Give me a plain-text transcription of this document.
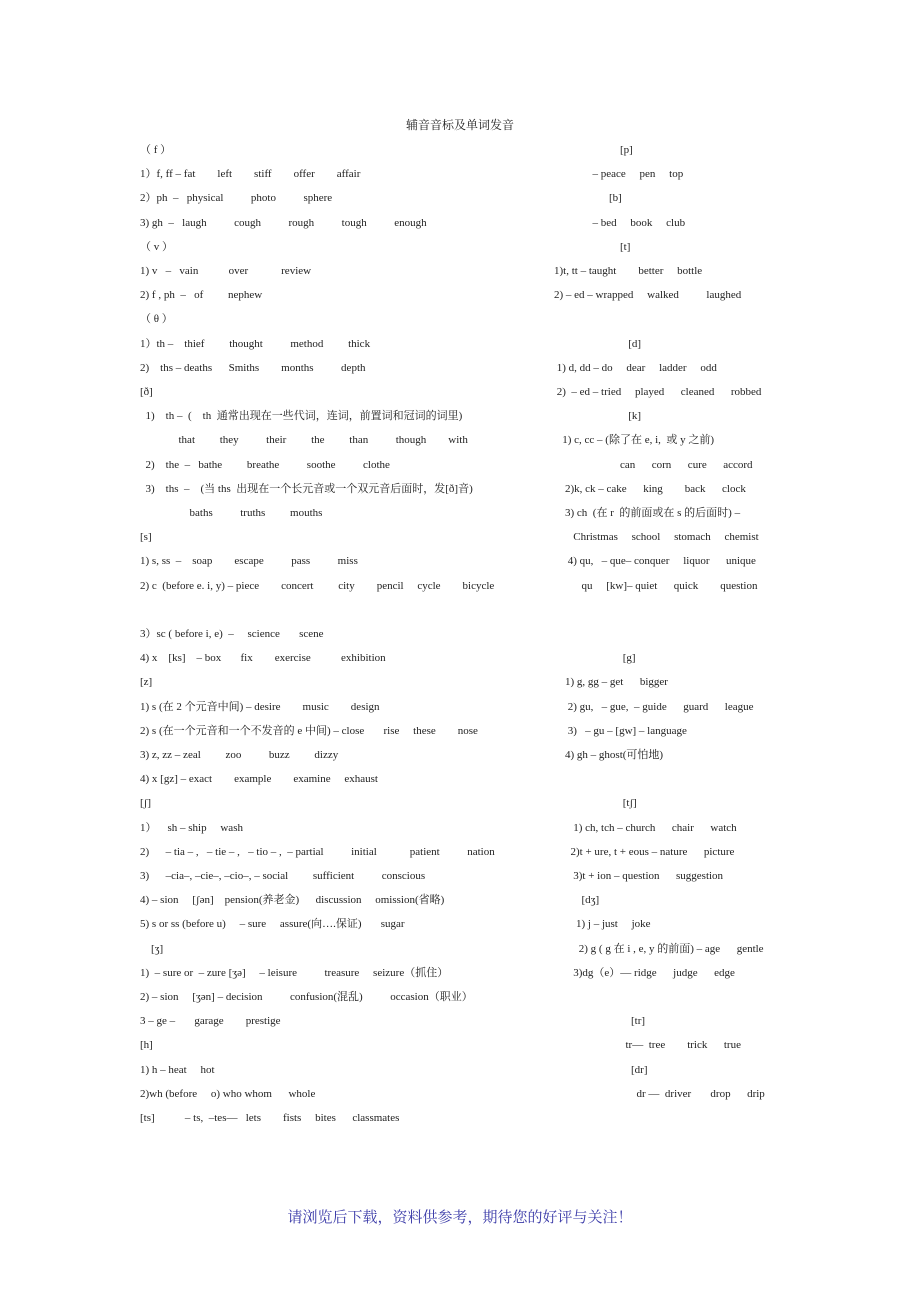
辅音音标及单词发音
（ f ）
1）f, ff – fat        left        stiff        offer        affair
2）ph  –   physical          photo          sphere
3) gh  –   laugh          cough          rough          tough          enough
（ v ）
1) v   –   vain           over            review
2) f , ph  –   of         nephew
（ θ ）
1）th –    thief         thought          method         thick
2)    ths – deaths      Smiths        months          depth
[ð]
1)    th –  (    th  通常出现在一些代词，连词，前置词和冠词的词里)
that         they          their         the         than          though        with
2)    the  –   bathe         breathe          soothe          clothe
3)    ths  –    (当 ths  出现在一个长元音或一个双元音后面时，发[ð]音)
baths          truths         mouths
[s]
1) s, ss  –    soap        escape          pass          miss
2) c  (before e. i, y) – piece        concert         city        pencil     cycle        bicycle
3）sc ( before i, e)  –     science       scene
4) x    [ks]    – box       fix        exercise           exhibition
[z]
1) s (在 2 个元音中间) – desire        music        design
2) s (在一个元音和一个不发音的 e 中间) – close       rise     these        nose
3) z, zz – zeal         zoo          buzz         dizzy
4) x [gz] – exact        example        examine     exhaust
[ʃ]
1）    sh – ship     wash
2)      – tia – ,   – tie – ,   – tio – ,  – partial          initial            patient          nation
3)      –cia–, –cie–, –cio–, – social         sufficient          conscious
4) – sion     [ʃən]    pension(养老金)      discussion     omission(省略)
5) s or ss (before u)     – sure     assure(向….保证)       sugar
[ʒ]
1)  – sure or  – zure [ʒə]     – leisure          treasure     seizure（抓住）
2) – sion     [ʒən] – decision          confusion(混乱)          occasion（职业）
3 – ge –       garage        prestige
[h]
1) h – heat     hot
2)wh (before     o) who whom      whole
[ts]           – ts,  –tes—   lets        fists     bites      classmates
[p]
– peace     pen     top
[b]
– bed     book     club
[t]
1)t, tt – taught        better     bottle
2) – ed – wrapped     walked          laughed
[d]
1) d, dd – do     dear     ladder     odd
2)  – ed – tried     played      cleaned      robbed
[k]
1) c, cc – (除了在 e, i,  或 y 之前)
can      corn      cure      accord
2)k, ck – cake      king        back      clock
3) ch  (在 r  的前面或在 s 的后面时) –
Christmas     school     stomach     chemist
4) qu,   – que– conquer     liquor      unique
qu     [kw]– quiet      quick        question
[g]
1) g, gg – get      bigger
2) gu,   – gue,  – guide      guard      league
3)   – gu – [gw] – language
4) gh – ghost(可怕地)
[tʃ]
1) ch, tch – church      chair      watch
2)t + ure, t + eous – nature      picture
3)t + ion – question      suggestion
[dʒ]
1) j – just     joke
2) g ( g 在 i , e, y 的前面) – age      gentle
3)dg（e）— ridge      judge      edge
[tr]
tr—  tree        trick      true
[dr]
dr —  driver       drop      drip
请浏览后下载，资料供参考，期待您的好评与关注！
